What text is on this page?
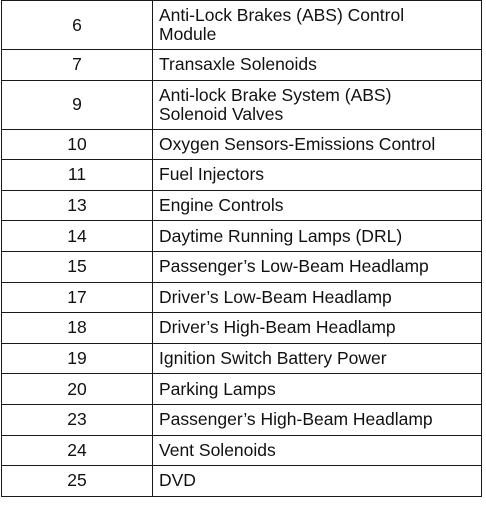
6	Anti-Lock Brakes (ABS) Control
Module
7	Transaxle Solenoids
9	Anti-lock Brake System (ABS)
Solenoid Valves
10	Oxygen Sensors-Emissions Control
11	Fuel Injectors
13	Engine Controls
14	Daytime Running Lamps (DRL)
15	Passenger’s Low-Beam Headlamp
17	Driver’s Low-Beam Headlamp
18	Driver’s High-Beam Headlamp
19	Ignition Switch Battery Power
20	Parking Lamps
23	Passenger’s High-Beam Headlamp
24	Vent Solenoids
25	DVD
